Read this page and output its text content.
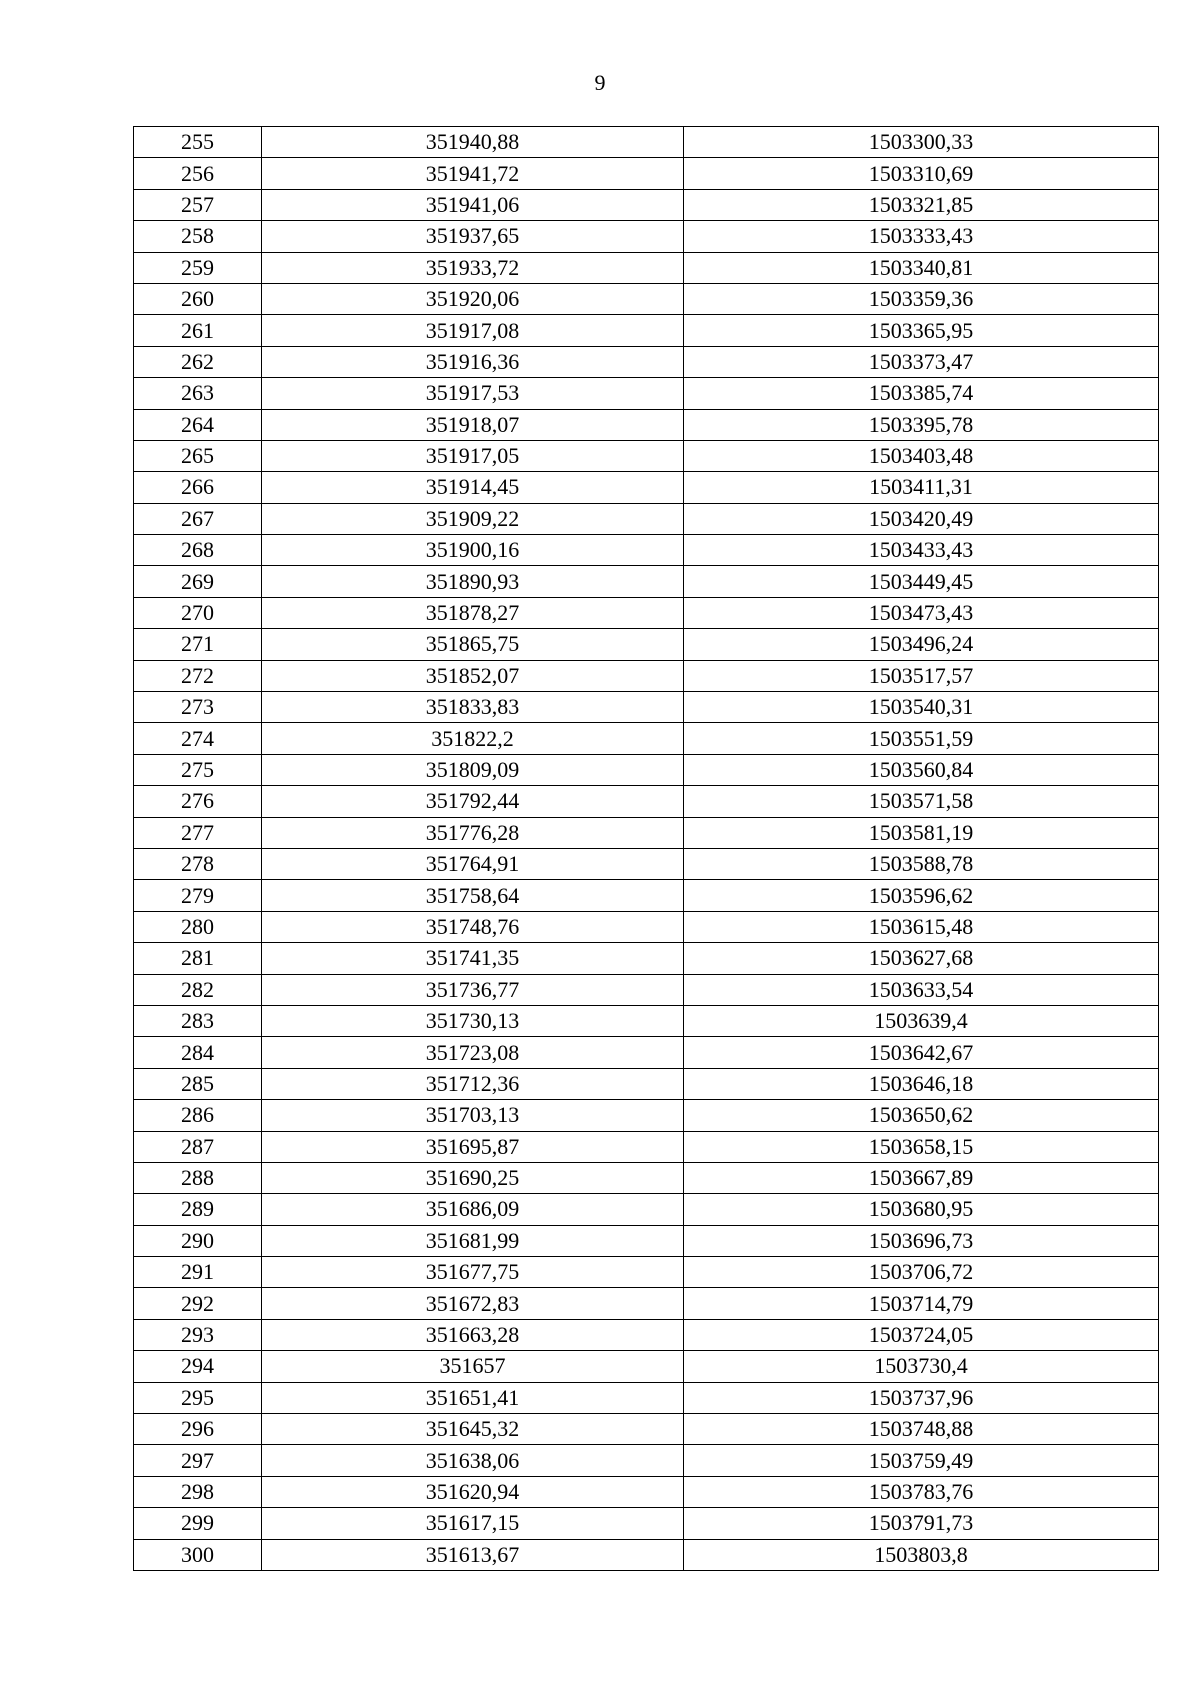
9
255	351940,88	1503300,33
256	351941,72	1503310,69
257	351941,06	1503321,85
258	351937,65	1503333,43
259	351933,72	1503340,81
260	351920,06	1503359,36
261	351917,08	1503365,95
262	351916,36	1503373,47
263	351917,53	1503385,74
264	351918,07	1503395,78
265	351917,05	1503403,48
266	351914,45	1503411,31
267	351909,22	1503420,49
268	351900,16	1503433,43
269	351890,93	1503449,45
270	351878,27	1503473,43
271	351865,75	1503496,24
272	351852,07	1503517,57
273	351833,83	1503540,31
274	351822,2	1503551,59
275	351809,09	1503560,84
276	351792,44	1503571,58
277	351776,28	1503581,19
278	351764,91	1503588,78
279	351758,64	1503596,62
280	351748,76	1503615,48
281	351741,35	1503627,68
282	351736,77	1503633,54
283	351730,13	1503639,4
284	351723,08	1503642,67
285	351712,36	1503646,18
286	351703,13	1503650,62
287	351695,87	1503658,15
288	351690,25	1503667,89
289	351686,09	1503680,95
290	351681,99	1503696,73
291	351677,75	1503706,72
292	351672,83	1503714,79
293	351663,28	1503724,05
294	351657	1503730,4
295	351651,41	1503737,96
296	351645,32	1503748,88
297	351638,06	1503759,49
298	351620,94	1503783,76
299	351617,15	1503791,73
300	351613,67	1503803,8
